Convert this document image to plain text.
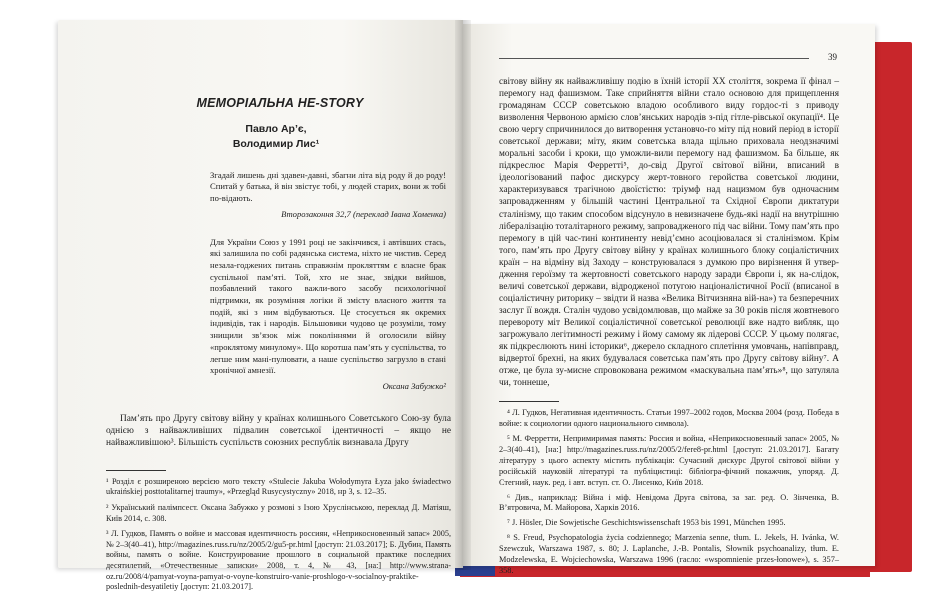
МЕМОРІАЛЬНА HE-STORY
Павло Ар’є,
Володимир Лис¹
Згадай лишень дні здавен-давні, збагни літа від роду й до роду! Спитай у батька, й він звістує тобі, у людей старих, вони ж тобі по-відають.
Второзаконня 32,7 (переклад Івана Хоменка)
Для України Союз у 1991 році не закінчився, і автівших стась, які залишила по собі радянська система, ніхто не чистив. Серед незала-годжених питань справжнім прокляттям є власне брак суспільної пам’яті. Той, хто не знає, звідки вийшов, позбавлений такого важли-вого засобу психологічної підтримки, як розуміння логіки й змісту власного життя та подій, які з ним відбуваються. Це стосується як окремих індивідів, так і народів. Більшовики чудово це розуміли, тому знищили зв’язок між поколіннями й оголосили війну «проклятому минулому». Що коротша пам’ять у суспільства, то легше ним мані-пулювати, а наше суспільство загрузло в стані хронічної амнезії.
Оксана Забужко²
Пам’ять про Другу світову війну у країнах колишнього Советського Сою-зу була однією з найважливіших підвалин советської ідентичності – якщо не найважливішою³. Більшість суспільств союзних республік визнавала Другу
¹ Розділ є розширеною версією мого тексту «Stulecie Jakuba Wołodymyra Łyza jako świadectwo ukraińskiej posttotalitarnej traumy», «Przegląd Rusycystyczny» 2018, нр 3, s. 12–35.
² Український палімпсест. Оксана Забужко у розмові з Ізою Хруслінською, переклад Д. Матіяш, Київ 2014, с. 308.
³ Л. Гудков, Память о войне и массовая идентичность россиян, «Неприкосновенный запас» 2005, № 2–3(40–41), http://magazines.russ.ru/nz/2005/2/gu5-pr.html [доступ: 21.03.2017]; Б. Дубин, Память войны, память о войне. Конструирование прошлого в социальной практике последних десятилетий, «Отечественные записки» 2008, т. 4, № 43, [на:] http://www.strana-oz.ru/2008/4/pamyat-voyna-pamyat-o-voyne-konstruiro-vanie-proshlogo-v-socialnoy-praktike-poslednih-desyatiletiy [доступ: 21.03.2017].
39
світову війну як найважливішу подію в їхній історії XX століття, зокрема її фінал – перемогу над фашизмом. Таке сприйняття війни стало основою для прищеплення громадянам СССР советською владою особливого виду гордос-ті з приводу визволення Червоною армією слов’янських народів з-під гітле-рівської окупації⁴. Це свою чергу спричинилося до витворення установчо-го міту під новий період в історії советської держави; міту, яким советська влада щільно приховала неодзначимі моральні засоби і кроки, що уможли-вили перемогу над фашизмом. Ба більше, як підкреслює Марія Ферретті⁵, до-свід Другої світової війни, вписаний в ідеологізований пафос дискурсу жерт-товного геройства советської людини, характеризувався трагічною двоїстістю: тріумф над нацизмом був одночасним запровадженням у більшій частині Центральної та Східної Європи диктатури сталінізму, що таким способом відсунуло в невизначене будь-які надії на внутрішню лібералізацію тоталітарного режиму, запровадженого під час війни. Тому пам’ять про перемогу в цій час-тині континенту невідʼємно асоціювалася зі сталінізмом. Крім того, пам’ять про Другу світову війну у країнах колишнього блоку соціалістичних країн – на відміну від Заходу – конструювалася з думкою про вирізнення й утвер-дження героїзму та жертовності советського народу заради Європи і, як на-слідок, величі советської держави, відродженої потугою націоналістичної Росії (вписаної в соціалістичну риторику – звідти й назва «Велика Вітчизняна вій-на») та безперечних заслуг її вождя. Сталін чудово усвідомлював, що майже за 30 років після жовтневого перевороту міт Великої соціалістичної советської революції вже надто вибляк, що загрожувало легітимності режиму і йому самому як лідерові СССР. У цьому полягає, як підкреслюють нині історики⁶, джерело складного сплетіння умовчань, напівправд, відвертої брехні, на яких будувалася советська пам’ять про Другу світову війну⁷. А отже, це була зу-мисне спровокована режимом «маскувальна пам’ять»⁸, що затуляла чи, тоннеше,
⁴ Л. Гудков, Негативная идентичность. Статьи 1997–2002 годов, Москва 2004 (розд. Победа в войне: к социологии одного национального символа).
⁵ М. Ферретти, Непримиримая память: Россия и война, «Неприкосновенный запас» 2005, № 2–3(40–41), [на:] http://magazines.russ.ru/nz/2005/2/fere8-pr.html [доступ: 21.03.2017]. Багату літературу з цього аспекту містить публікація: Сучасний дискурс Другої світової війни у російській науковій літературі та публіцистиці: бібліогра-фічний покажчик, упоряд. Д. Стегний, наук. ред. і авт. вступ. ст. О. Лисенко, Київ 2018.
⁶ Див., наприклад: Війна і міф. Невідома Друга світова, за заг. ред. О. Зінченка, В. В’ятровича, М. Майорова, Харків 2016.
⁷ J. Hösler, Die Sowjetische Geschichtswissenschaft 1953 bis 1991, München 1995.
⁸ S. Freud, Psychopatologia życia codziennego; Marzenia senne, tłum. L. Jekels, H. Ivánka, W. Szewczuk, Warszawa 1987, s. 80; J. Laplanche, J.-B. Pontalis, Słownik psychoanalizy, tłum. E. Modzelewska, E. Wojciechowska, Warszawa 1996 (гасло: «wspomnienie przes-łonowe»), s. 357–358.
